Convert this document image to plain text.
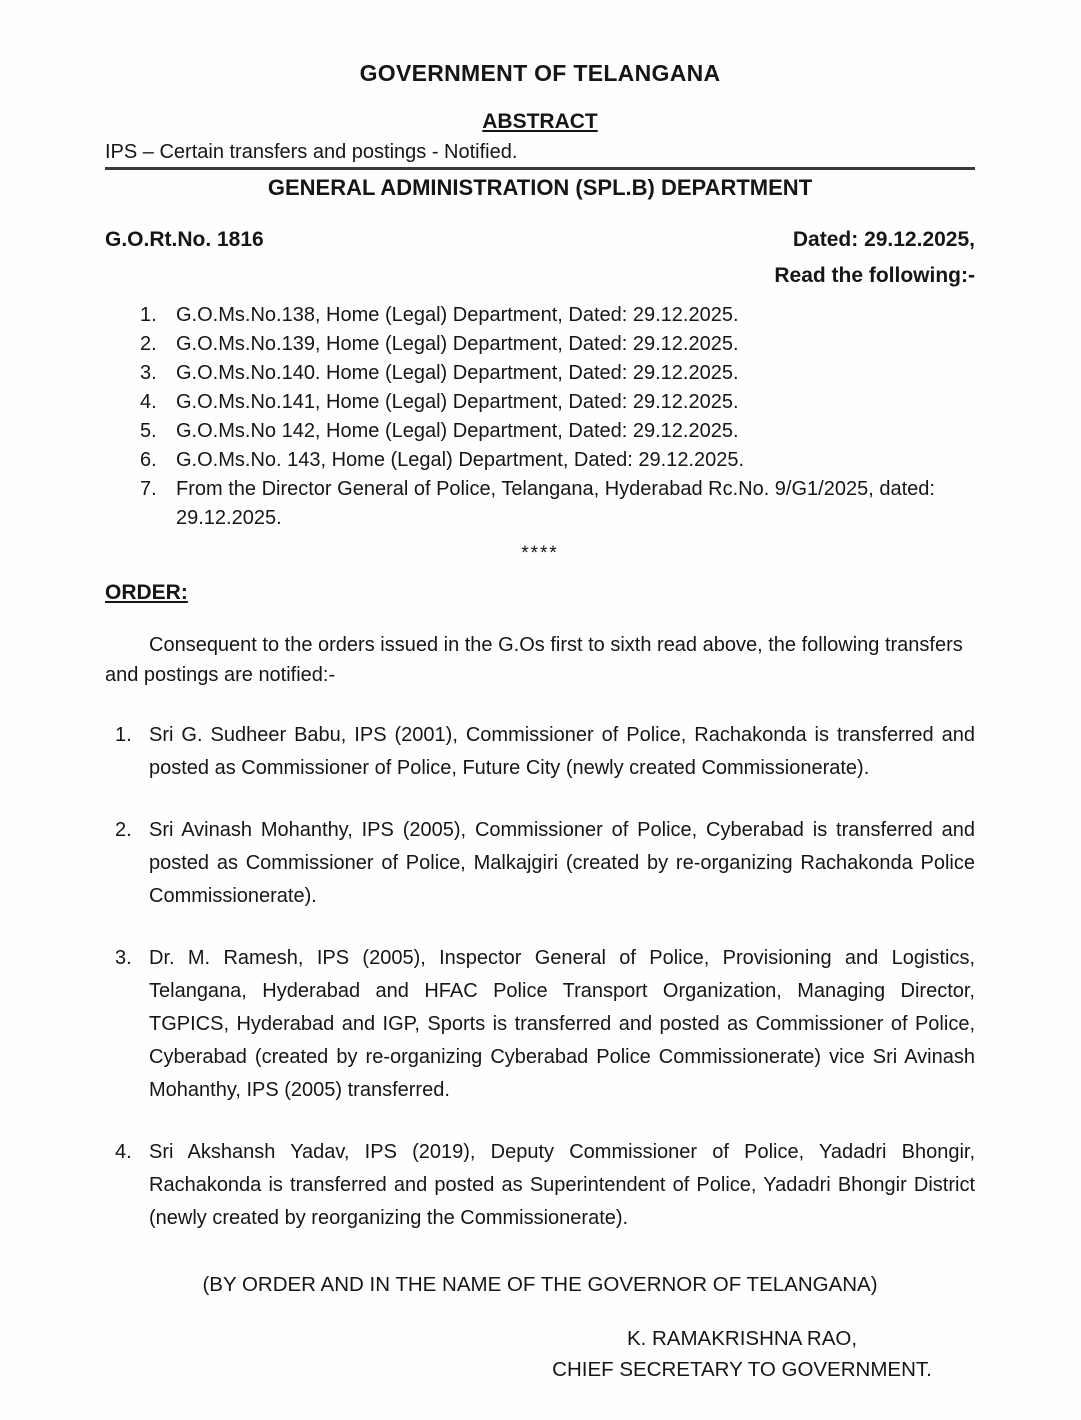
GOVERNMENT OF TELANGANA
ABSTRACT
IPS – Certain transfers and postings - Notified.
GENERAL ADMINISTRATION (SPL.B) DEPARTMENT
G.O.Rt.No. 1816	Dated: 29.12.2025,
Read the following:-
1. G.O.Ms.No.138, Home (Legal) Department, Dated: 29.12.2025.
2. G.O.Ms.No.139, Home (Legal) Department, Dated: 29.12.2025.
3. G.O.Ms.No.140. Home (Legal) Department, Dated: 29.12.2025.
4. G.O.Ms.No.141, Home (Legal) Department, Dated: 29.12.2025.
5. G.O.Ms.No 142, Home (Legal) Department, Dated: 29.12.2025.
6. G.O.Ms.No. 143, Home (Legal) Department, Dated: 29.12.2025.
7. From the Director General of Police, Telangana, Hyderabad Rc.No. 9/G1/2025, dated: 29.12.2025.
****
ORDER:
Consequent to the orders issued in the G.Os first to sixth read above, the following transfers and postings are notified:-
1. Sri G. Sudheer Babu, IPS (2001), Commissioner of Police, Rachakonda is transferred and posted as Commissioner of Police, Future City (newly created Commissionerate).
2. Sri Avinash Mohanthy, IPS (2005), Commissioner of Police, Cyberabad is transferred and posted as Commissioner of Police, Malkajgiri (created by re-organizing Rachakonda Police Commissionerate).
3. Dr. M. Ramesh, IPS (2005), Inspector General of Police, Provisioning and Logistics, Telangana, Hyderabad and HFAC Police Transport Organization, Managing Director, TGPICS, Hyderabad and IGP, Sports is transferred and posted as Commissioner of Police, Cyberabad (created by re-organizing Cyberabad Police Commissionerate) vice Sri Avinash Mohanthy, IPS (2005) transferred.
4. Sri Akshansh Yadav, IPS (2019), Deputy Commissioner of Police, Yadadri Bhongir, Rachakonda is transferred and posted as Superintendent of Police, Yadadri Bhongir District (newly created by reorganizing the Commissionerate).
(BY ORDER AND IN THE NAME OF THE GOVERNOR OF TELANGANA)
K. RAMAKRISHNA RAO,
CHIEF SECRETARY TO GOVERNMENT.
